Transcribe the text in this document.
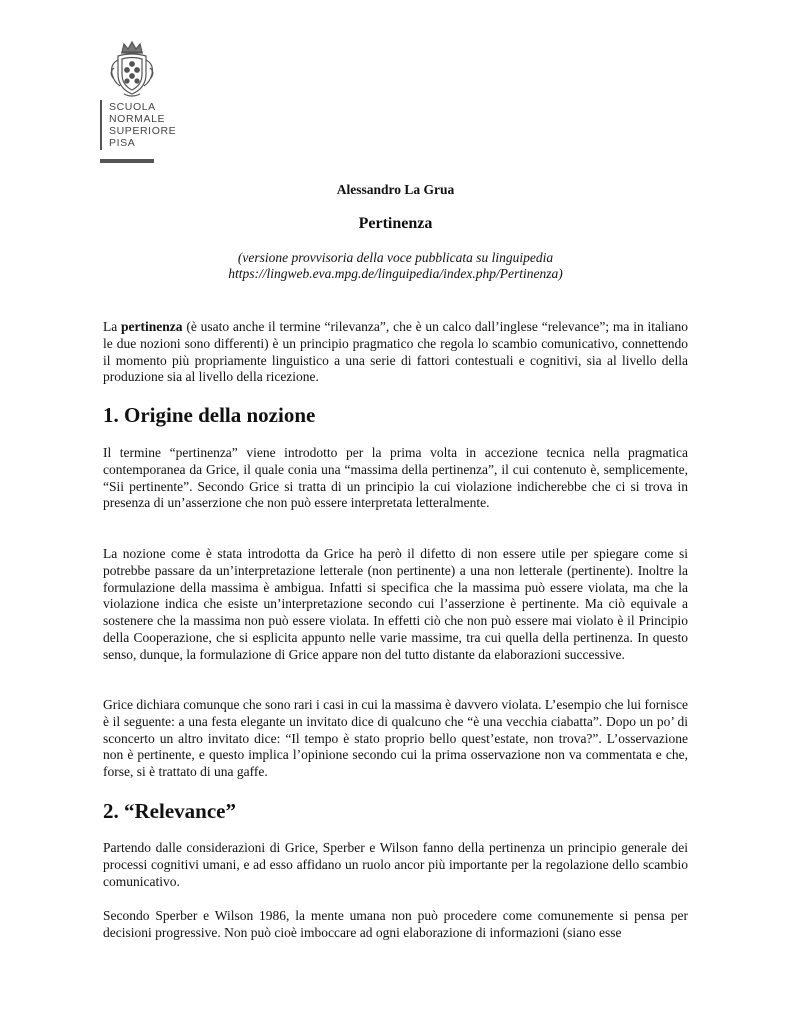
SCUOLA
NORMALE
SUPERIORE
PISA
Alessandro La Grua
Pertinenza
(versione provvisoria della voce pubblicata su linguipedia
https://lingweb.eva.mpg.de/linguipedia/index.php/Pertinenza)

La pertinenza (è usato anche il termine “rilevanza”, che è un calco dall’inglese “relevance”; ma in italiano le due nozioni sono differenti) è un principio pragmatico che regola lo scambio comunicativo, connettendo il momento più propriamente linguistico a una serie di fattori contestuali e cognitivi, sia al livello della produzione sia al livello della ricezione.

1. Origine della nozione

Il termine “pertinenza” viene introdotto per la prima volta in accezione tecnica nella pragmatica contemporanea da Grice, il quale conia una “massima della pertinenza”, il cui contenuto è, semplicemente, “Sii pertinente”. Secondo Grice si tratta di un principio la cui violazione indicherebbe che ci si trova in presenza di un’asserzione che non può essere interpretata letteralmente.

La nozione come è stata introdotta da Grice ha però il difetto di non essere utile per spiegare come si potrebbe passare da un’interpretazione letterale (non pertinente) a una non letterale (pertinente). Inoltre la formulazione della massima è ambigua. Infatti si specifica che la massima può essere violata, ma che la violazione indica che esiste un’interpretazione secondo cui l’asserzione è pertinente. Ma ciò equivale a sostenere che la massima non può essere violata. In effetti ciò che non può essere mai violato è il Principio della Cooperazione, che si esplicita appunto nelle varie massime, tra cui quella della pertinenza. In questo senso, dunque, la formulazione di Grice appare non del tutto distante da elaborazioni successive.

Grice dichiara comunque che sono rari i casi in cui la massima è davvero violata. L’esempio che lui fornisce è il seguente: a una festa elegante un invitato dice di qualcuno che “è una vecchia ciabatta”. Dopo un po’ di sconcerto un altro invitato dice: “Il tempo è stato proprio bello quest’estate, non trova?”. L’osservazione non è pertinente, e questo implica l’opinione secondo cui la prima osservazione non va commentata e che, forse, si è trattato di una gaffe.

2. “Relevance”

Partendo dalle considerazioni di Grice, Sperber e Wilson fanno della pertinenza un principio generale dei processi cognitivi umani, e ad esso affidano un ruolo ancor più importante per la regolazione dello scambio comunicativo.

Secondo Sperber e Wilson 1986, la mente umana non può procedere come comunemente si pensa per decisioni progressive. Non può cioè imboccare ad ogni elaborazione di informazioni (siano esse
